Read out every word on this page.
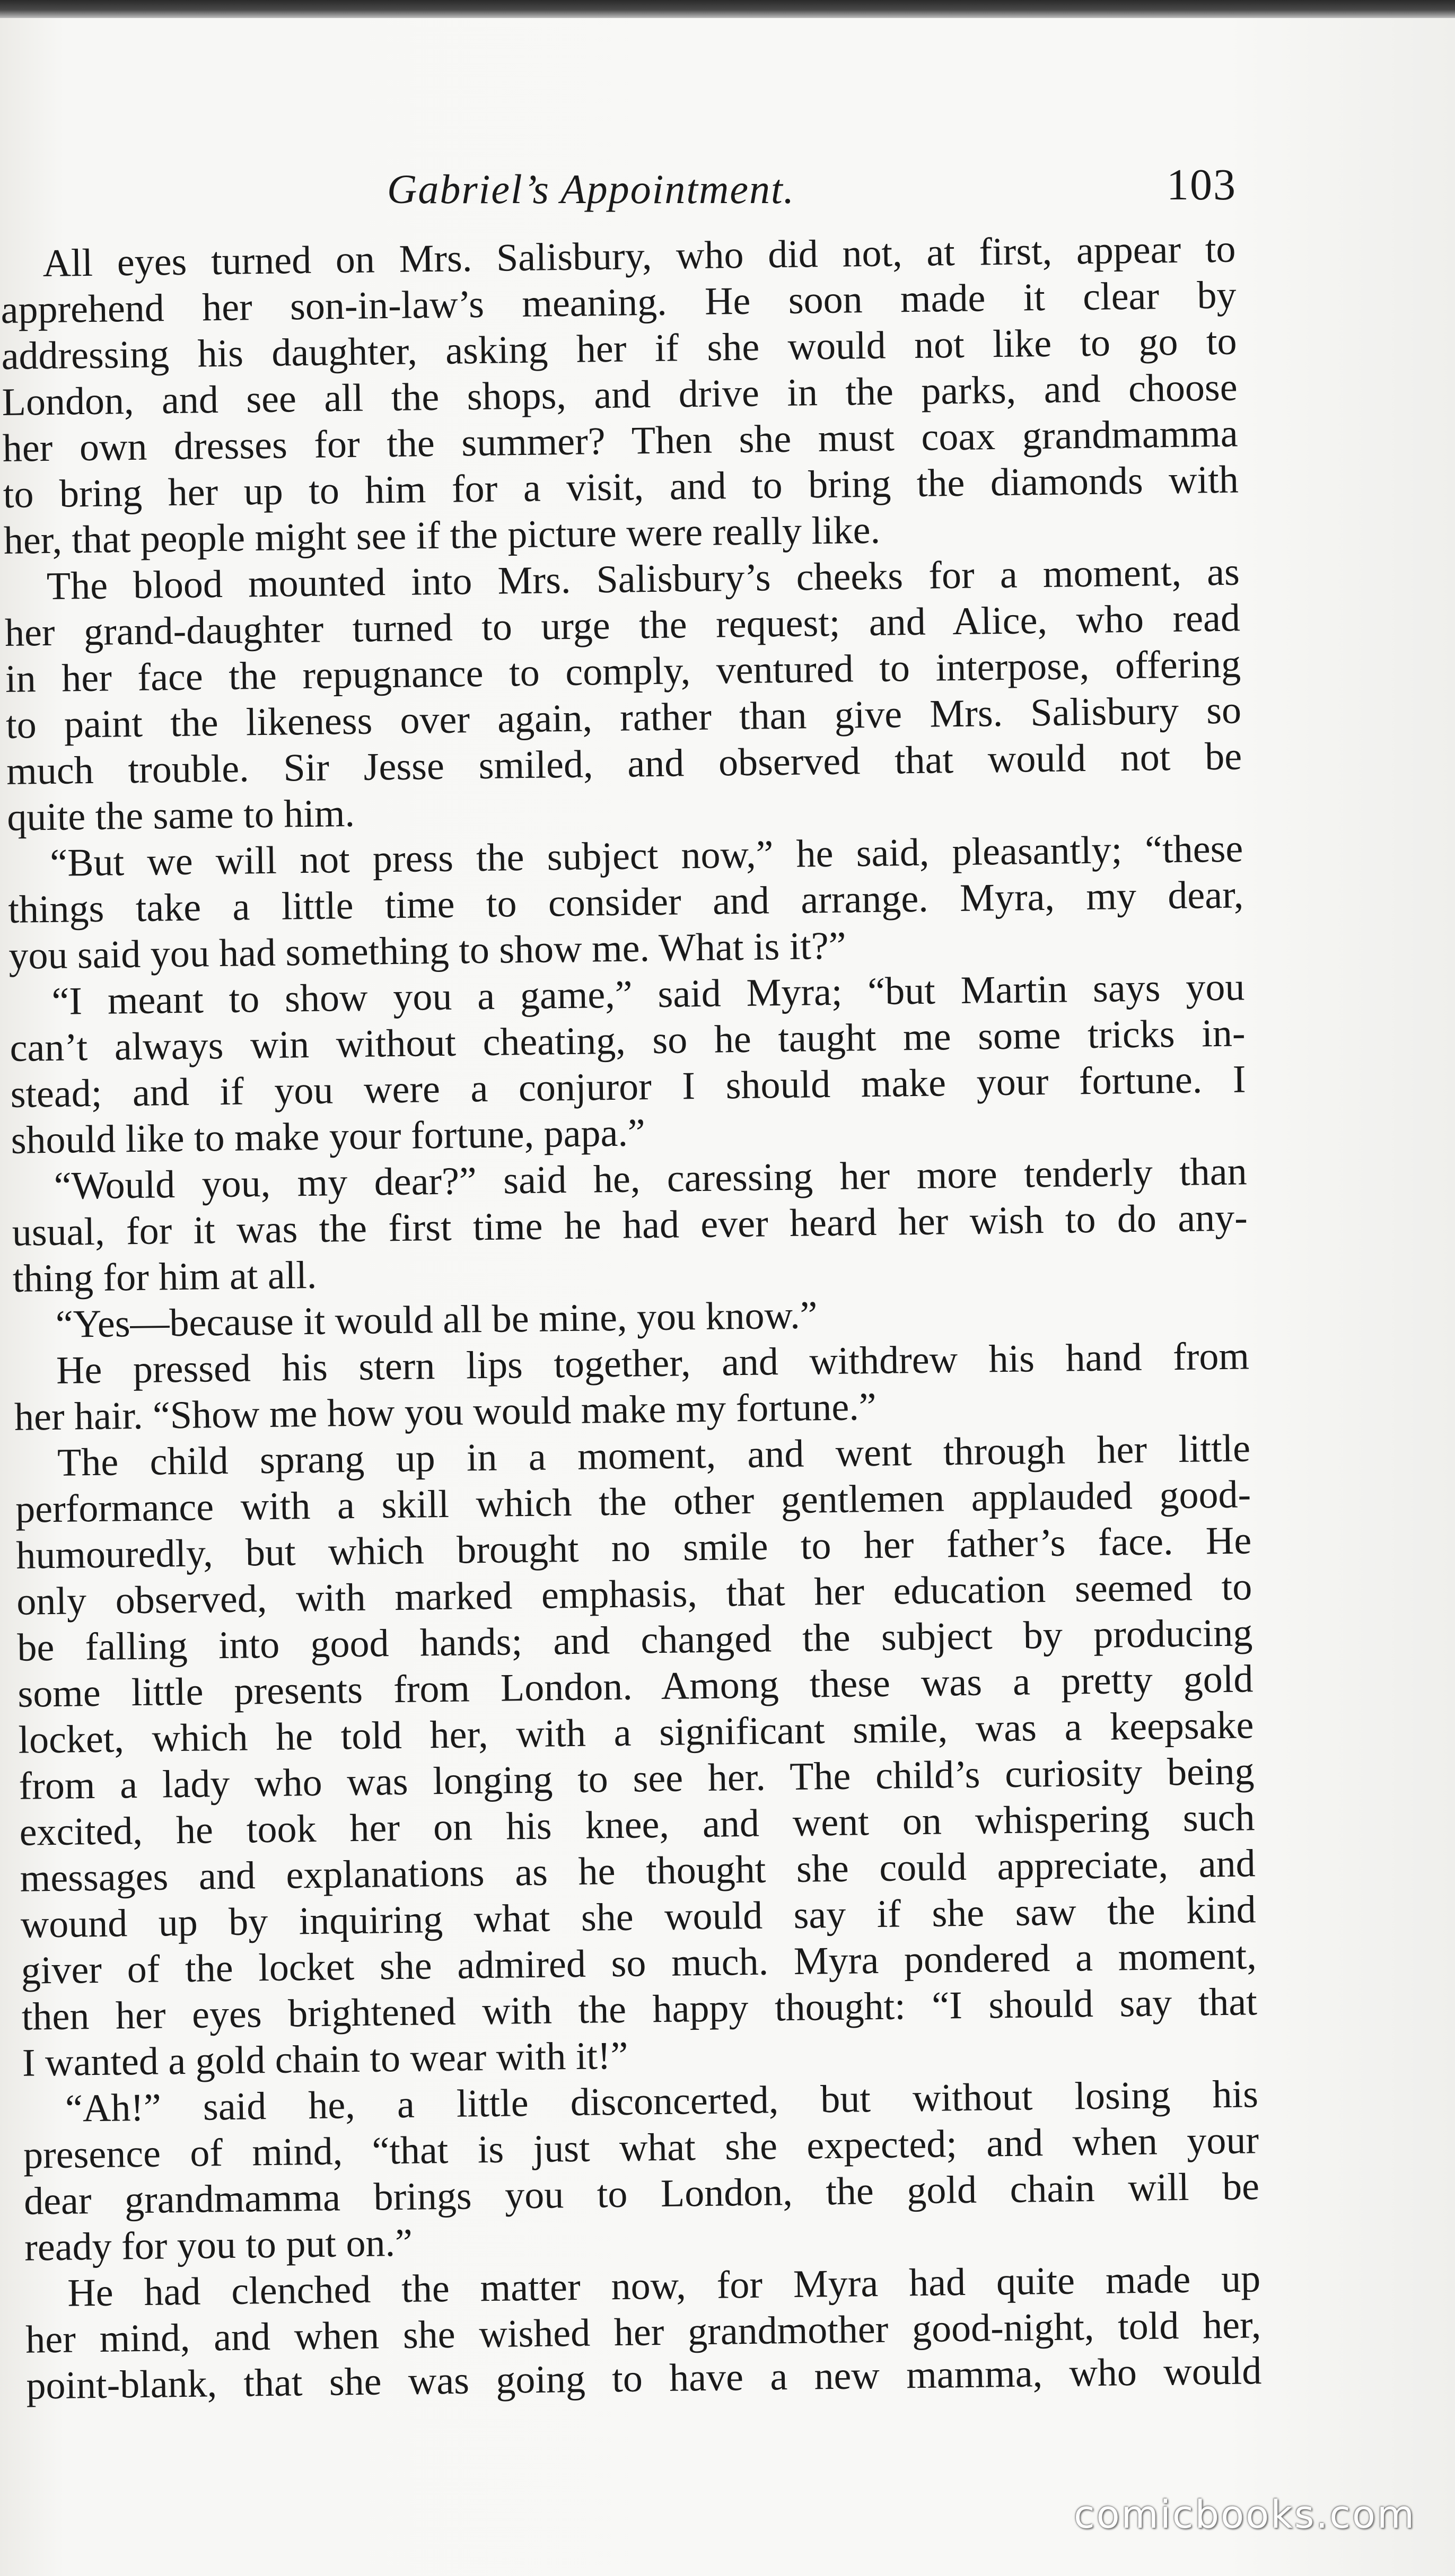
Gabriel’s Appointment.	103
All eyes turned on Mrs. Salisbury, who did not, at first, appear to
apprehend her son-in-law’s meaning. He soon made it clear by
addressing his daughter, asking her if she would not like to go to
London, and see all the shops, and drive in the parks, and choose
her own dresses for the summer? Then she must coax grandmamma
to bring her up to him for a visit, and to bring the diamonds with
her, that people might see if the picture were really like.
The blood mounted into Mrs. Salisbury’s cheeks for a moment, as
her grand-daughter turned to urge the request; and Alice, who read
in her face the repugnance to comply, ventured to interpose, offering
to paint the likeness over again, rather than give Mrs. Salisbury so
much trouble. Sir Jesse smiled, and observed that would not be
quite the same to him.
“But we will not press the subject now,” he said, pleasantly; “these
things take a little time to consider and arrange. Myra, my dear,
you said you had something to show me. What is it?”
“I meant to show you a game,” said Myra; “but Martin says you
can’t always win without cheating, so he taught me some tricks in-
stead; and if you were a conjuror I should make your fortune. I
should like to make your fortune, papa.”
“Would you, my dear?” said he, caressing her more tenderly than
usual, for it was the first time he had ever heard her wish to do any-
thing for him at all.
“Yes—because it would all be mine, you know.”
He pressed his stern lips together, and withdrew his hand from
her hair. “Show me how you would make my fortune.”
The child sprang up in a moment, and went through her little
performance with a skill which the other gentlemen applauded good-
humouredly, but which brought no smile to her father’s face. He
only observed, with marked emphasis, that her education seemed to
be falling into good hands; and changed the subject by producing
some little presents from London. Among these was a pretty gold
locket, which he told her, with a significant smile, was a keepsake
from a lady who was longing to see her. The child’s curiosity being
excited, he took her on his knee, and went on whispering such
messages and explanations as he thought she could appreciate, and
wound up by inquiring what she would say if she saw the kind
giver of the locket she admired so much. Myra pondered a moment,
then her eyes brightened with the happy thought: “I should say that
I wanted a gold chain to wear with it!”
“Ah!” said he, a little disconcerted, but without losing his
presence of mind, “that is just what she expected; and when your
dear grandmamma brings you to London, the gold chain will be
ready for you to put on.”
He had clenched the matter now, for Myra had quite made up
her mind, and when she wished her grandmother good-night, told her,
point-blank, that she was going to have a new mamma, who would
comicbooks.com
